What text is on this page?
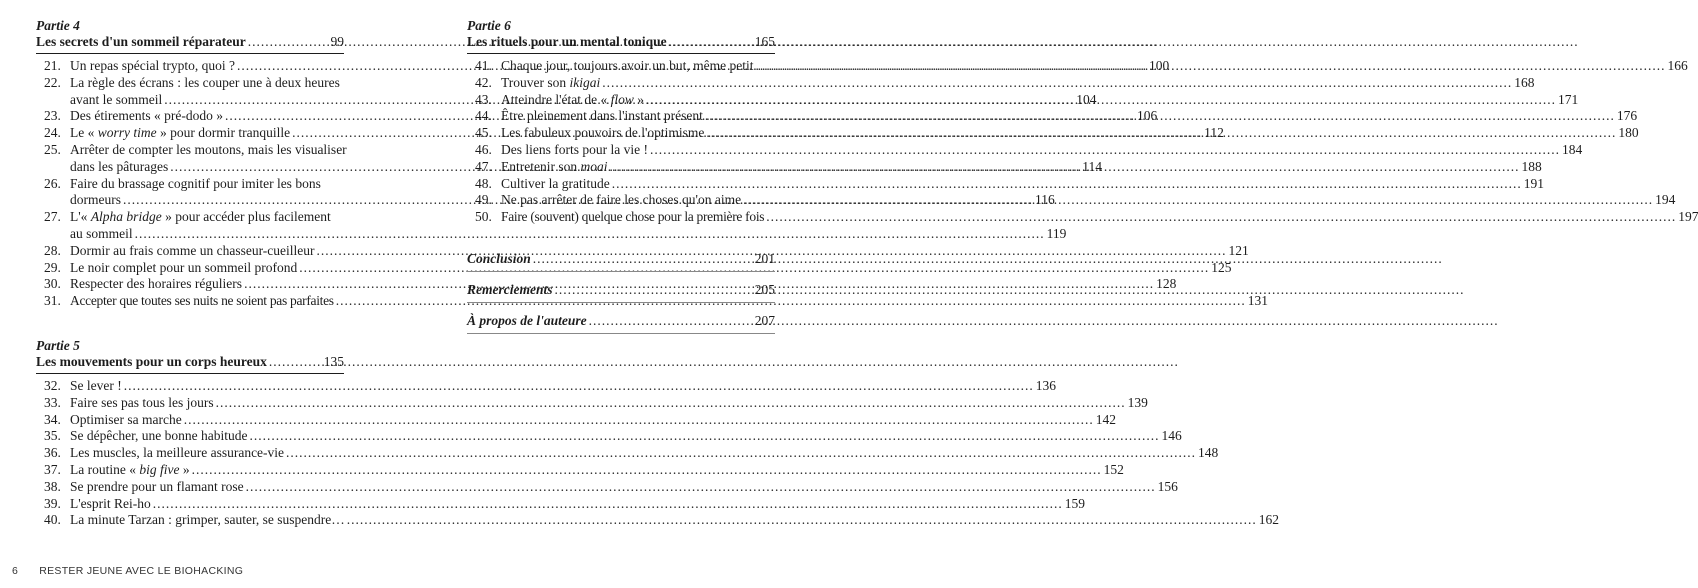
Partie 4
Les secrets d'un sommeil réparateur .....	99
21. Un repas spécial trypto, quoi ? .....	100
22. La règle des écrans : les couper une à deux heures
avant le sommeil .....	104
23. Des étirements « pré-dodo » .....	106
24. Le « worry time » pour dormir tranquille .....	112
25. Arrêter de compter les moutons, mais les visualiser
dans les pâturages .....	114
26. Faire du brassage cognitif pour imiter les bons
dormeurs .....	116
27. L'« Alpha bridge » pour accéder plus facilement
au sommeil .....	119
28. Dormir au frais comme un chasseur-cueilleur .....	121
29. Le noir complet pour un sommeil profond .....	125
30. Respecter des horaires réguliers .....	128
31. Accepter que toutes ses nuits ne soient pas parfaites .....	131
Partie 5
Les mouvements pour un corps heureux .....	135
32. Se lever ! .....	136
33. Faire ses pas tous les jours .....	139
34. Optimiser sa marche .....	142
35. Se dépêcher, une bonne habitude .....	146
36. Les muscles, la meilleure assurance-vie .....	148
37. La routine « big five » .....	152
38. Se prendre pour un flamant rose .....	156
39. L'esprit Rei-ho .....	159
40. La minute Tarzan : grimper, sauter, se suspendre… .....	162
6 RESTER JEUNE AVEC LE BIOHACKING
Partie 6
Les rituels pour un mental tonique .....	165
41. Chaque jour, toujours avoir un but, même petit .....	166
42. Trouver son ikigai .....	168
43. Atteindre l'état de « flow » .....	171
44. Être pleinement dans l'instant présent .....	176
45. Les fabuleux pouvoirs de l'optimisme .....	180
46. Des liens forts pour la vie ! .....	184
47. Entretenir son moai .....	188
48. Cultiver la gratitude .....	191
49. Ne pas arrêter de faire les choses qu'on aime .....	194
50. Faire (souvent) quelque chose pour la première fois .....	197
Conclusion .....	201
Remerciements .....	205
À propos de l'auteure .....	207
